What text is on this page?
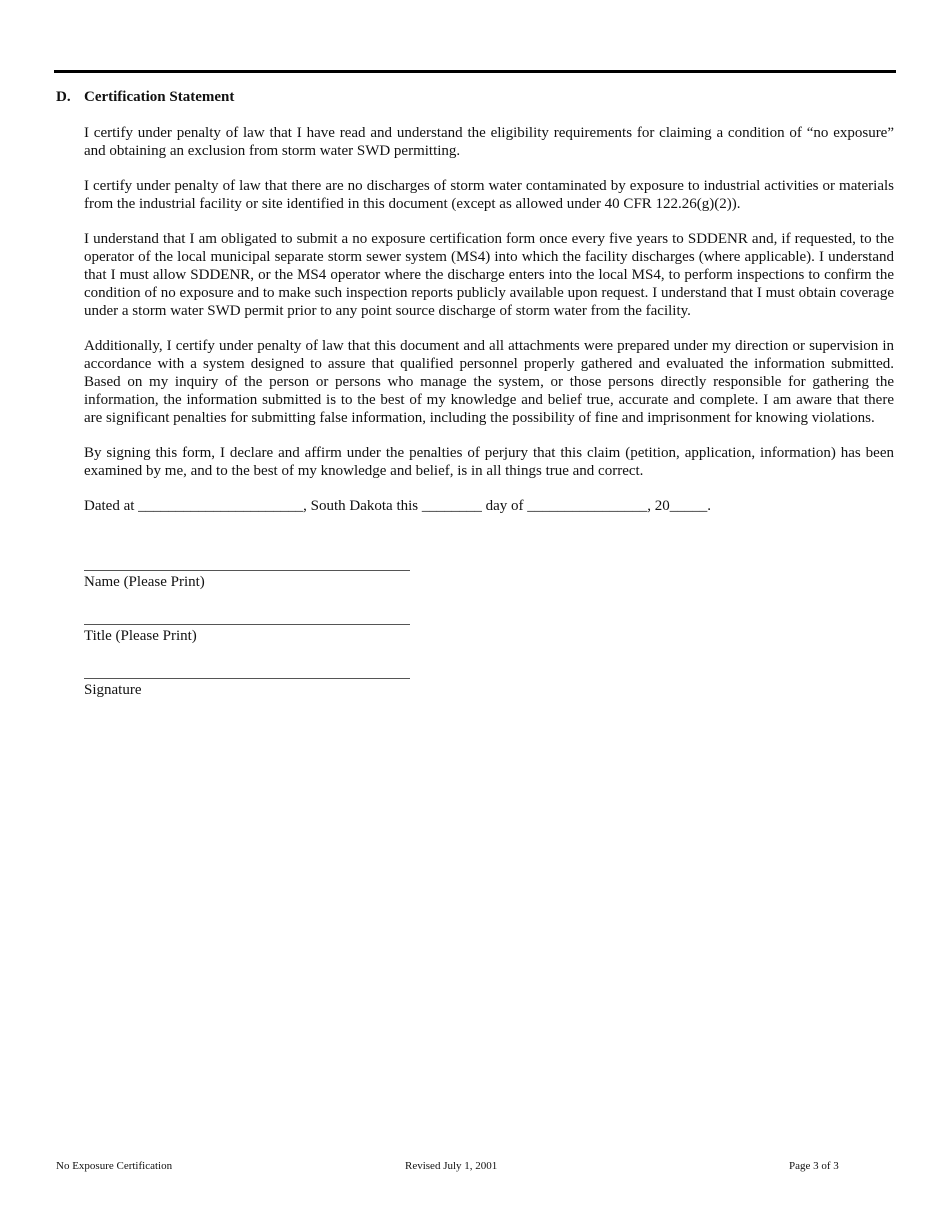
D. Certification Statement

I certify under penalty of law that I have read and understand the eligibility requirements for claiming a condition of “no exposure” and obtaining an exclusion from storm water SWD permitting.

I certify under penalty of law that there are no discharges of storm water contaminated by exposure to industrial activities or materials from the industrial facility or site identified in this document (except as allowed under 40 CFR 122.26(g)(2)).

I understand that I am obligated to submit a no exposure certification form once every five years to SDDENR and, if requested, to the operator of the local municipal separate storm sewer system (MS4) into which the facility discharges (where applicable). I understand that I must allow SDDENR, or the MS4 operator where the discharge enters into the local MS4, to perform inspections to confirm the condition of no exposure and to make such inspection reports publicly available upon request. I understand that I must obtain coverage under a storm water SWD permit prior to any point source discharge of storm water from the facility.

Additionally, I certify under penalty of law that this document and all attachments were prepared under my direction or supervision in accordance with a system designed to assure that qualified personnel properly gathered and evaluated the information submitted. Based on my inquiry of the person or persons who manage the system, or those persons directly responsible for gathering the information, the information submitted is to the best of my knowledge and belief true, accurate and complete. I am aware that there are significant penalties for submitting false information, including the possibility of fine and imprisonment for knowing violations.

By signing this form, I declare and affirm under the penalties of perjury that this claim (petition, application, information) has been examined by me, and to the best of my knowledge and belief, is in all things true and correct.

Dated at ______________________, South Dakota this ________ day of ________________, 20_____.

Name (Please Print)
Title (Please Print)
Signature
No Exposure Certification	Revised July 1, 2001	Page 3 of 3
